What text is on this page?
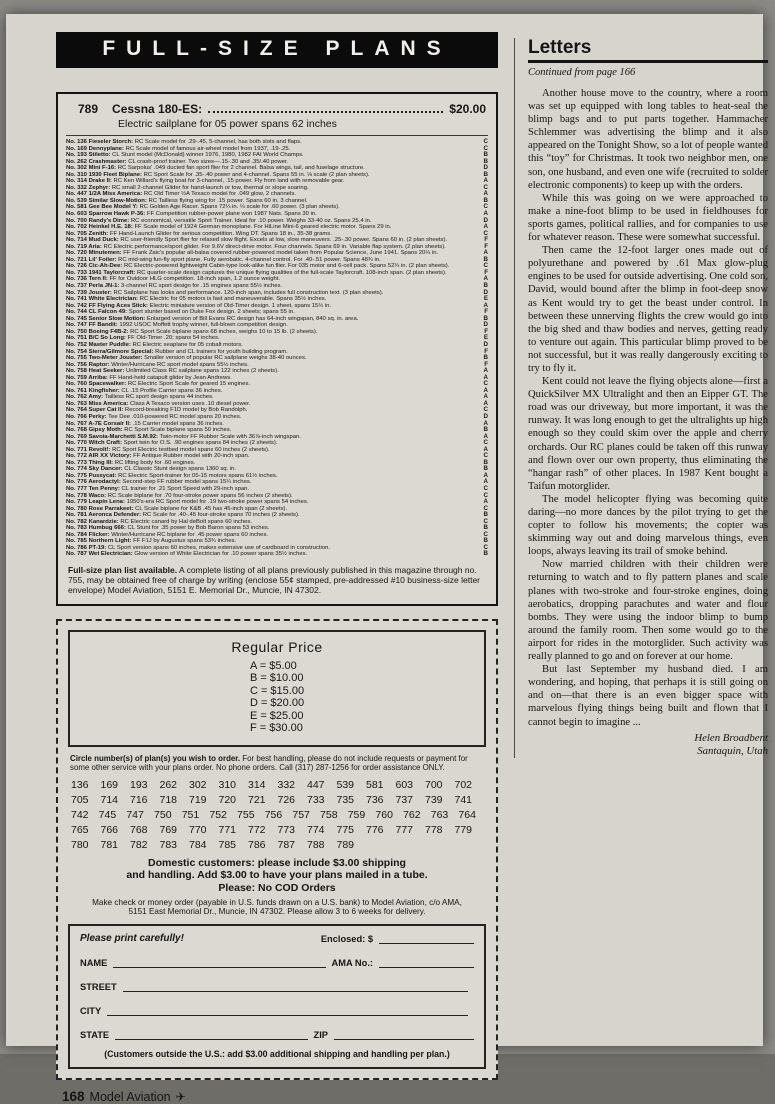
FULL-SIZE PLANS
789 Cessna 180-ES:	$20.00
Electric sailplane for 05 power spans 62 inches
No. 136 Fieseler Storch: RC Scale model for .29-.45, 5-channel, has both slots and flaps.	C
No. 169 Dennyplane: RC Scale model of famous air-wheel model from 1937, .19-.25.	C
No. 193 Stiletto: CL Stunt model (McDonald) winner 1976, 1980, 1982 FAI World Champs.	B
No. 262 Crashmaster: CL crash-proof trainer. Two sizes—.15-.30 and .35/.40 power.	B
No. 302 Mini F-16: RC Sarpolus' .049 ducted fan sport flier for 2 channel. Balsa wings, tail, and fuselage structure.	D
No. 310 1930 Fleet Biplane: RC Sport Scale for .35-.40 power and 4-channel. Spans 55 in. ⅛ scale (2 plan sheets).	B
No. 314 Drake II: RC Ken Willard's flying boat for 3-channel, .15 power. Fly from land with removable gear.	A
No. 332 Zephyr: RC small 2-channel Glider for hand-launch or tow, thermal or slope soaring.	C
No. 447 1/2A Miss America: RC Old Timer ½A Texaco model for .049 glow, 2 channels.	A
No. 539 Similar Slow-Motion: RC Tailless flying wing for .15 power. Spans 60 in. 3 channel.	B
No. 581 Gee Bee Model Y: RC Golden Age Racer. Spans 72¼ in. ¼ scale for .60 power. (3 plan sheets).	C
No. 603 Sparrow Hawk P-36: FF Competition rubber-power plane won 1987 Nats. Spans 30 in.	A
No. 700 Randy's Dime: RC economical, versatile Sport Trainer. Ideal for .10 power. Weighs 33-40 oz. Spans 25.4 in.	D
No. 702 Heinkel H.E. 18: FF Scale model of 1924 German monoplane. For HiLine Mini-6 geared electric motor. Spans 29 in.	A
No. 705 Zenith: FF Hand-Launch Glider for serious competition. Wing DT. Spans 18 in., 35-38 grams.	C
No. 714 Mud Duck: RC user-friendly Sport flier for relaxed slow flight. Excels at low, slow maneuvers. .25-.30 power. Spans 60 in. (2 plan sheets).	F
No. 719 Aria: RC Electric performance/sport glider. For 9.6V direct-drive motor. Four channels. Spans 69 in. Variable flap system. (2 plan sheets).	F
No. 720 Minutemen: FF Frank Zaic's popular all-balsa covered rubber-powered model taken from Popular Science, June 1941. Spans 20¼ in.	A
No. 721 Lil' Foiler: RC mid-wing fun-fly sport plane. Fully aerobatic. 4-channel control. For .40-.51 power. Spans 48¾ in.	B
No. 726 Cic-Ah-Dee: RC Electric-powered lightweight Cabin-type look-alike fun flier. For 035 motor and 6-cell pack. Spans 52¼ in. (2 plan sheets).	C
No. 733 1941 Taylorcraft: RC quarter-scale design captures the unique flying qualities of the full-scale Taylorcraft. 108-inch span. (2 plan sheets).	F
No. 736 Tern II: FF for Outdoor HLG competition. 18-inch span, 1.2 ounce weight.	A
No. 737 Perla JN-1: 3-channel RC sport design for .15 engines spans 55½ inches.	B
No. 739 Jouster: RC Sailplane has looks and performance. 120-inch span, includes full construction text. (3 plan sheets).	D
No. 741 White Electrician: RC Electric for 05 motors is fast and maneuverable. Spans 35½ inches.	E
No. 742 FF Flying Aces Stick: Electric miniature version of Old-Timer design. 1 sheet, spans 15½ in.	A
No. 744 CL Falcon 49: Sport stunter based on Duke Fox design. 2 sheets; spans 55 in.	F
No. 745 Senior Slow Motion: Enlarged version of Bill Evans RC design has 64-inch wingspan, 840 sq. in. area.	B
No. 747 FF Bandit: 1992 USOC Moffett trophy winner, full-blown competition design.	D
No. 750 Boeing F4B-2: RC Sport Scale biplane spans 68 inches, weighs 10 to 15 lb. (2 sheets).	F
No. 751 B/C So Long: FF Old-Timer .20; spans 54 inches.	E
No. 752 Master Puddle: RC Electric seaplane for 05 cobalt motors.	D
No. 754 Sierra/Gilmore Special: Rubber and CL trainers for youth building program.	F
No. 755 Two-Meter Jouster: Smaller version of popular RC sailplane weighs 38-40 ounces.	B
No. 756 Raptor: Winter/Hurricane RC sport model spans 55½ inches.	F
No. 758 Heat Seeker: Unlimited Class RC sailplane spans 122 inches (2 sheets).	A
No. 759 Arriba: FF Hand-held catapult glider by Jean Andrews.	A
No. 760 Spacewalker: RC Electric Sport Scale for geared 15 engines.	C
No. 761 Kingfisher: CL .15 Profile Carrier spans 36 inches.	A
No. 762 Amy: Tailless RC sport design spans 44 inches.	A
No. 763 Miss America: Class A Texaco version uses .10 diesel power.	A
No. 764 Super Cat II: Record-breaking F1D model by Bob Randolph.	C
No. 766 Perky: Tee Dee .010-powered RC model spans 20 inches.	D
No. 767 A-7E Corsair II: .15 Carrier model spans 36 inches.	A
No. 768 Gipsy Moth: RC Sport Scale biplane spans 50 inches.	B
No. 769 Savoia-Marchetti S.M.92: Twin-motor FF Rubber Scale with 36⅞-inch wingspan.	A
No. 770 Witch Craft: Sport twin for O.S. .90 engines spans 84 inches (2 sheets).	C
No. 771 Revolt!: RC Sport Electric testbed model spans 60 inches (2 sheets).	A
No. 772 AIR XX Victory: FF Antique Rubber model with 20-inch span.	C
No. 773 Thing III: RC lifting body for .60 engines.	B
No. 774 Sky Dancer: CL Classic Stunt design spans 1360 sq. in.	B
No. 775 Pussycat: RC Electric Sport-trainer for 05-15 motors spans 61½ inches.	A
No. 776 Aerodactyl: Second-step FF rubber model spans 15¼ inches.	A
No. 777 Ten Penny: CL trainer for .21 Sport Speed with 29-inch span.	C
No. 778 Waco: RC Scale biplane for .70 four-stroke power spans 56 inches (2 sheets).	C
No. 779 Leapin Lena: 1950's-era RC Sport model for .19 two-stroke power spans 54 inches.	A
No. 780 Rose Parrakeet: CL Scale biplane for K&B .45 has 45-inch span (2 sheets).	C
No. 781 Aeronca Defender: RC Scale for .40-.45 four-stroke spans 70 inches (2 sheets).	B
No. 782 Kanardzie: RC Electric canard by Hal deBolt spans 60 inches.	C
No. 783 Humbug 666: CL Stunt for .35 power by Bob Baron spans 53 inches.	B
No. 784 Flicker: Winter/Hurricane RC biplane for .45 power spans 60 inches.	C
No. 785 Northern Light: FF F1J by Augustus spans 53¾ inches.	B
No. 786 PT-19: CL Sport version spans 60 inches, makes extensive use of cardboard in construction.	C
No. 787 Wet Electrician: Glow version of White Electrician for .10 power spans 35½ inches.	B
Full-size plan list available. A complete listing of all plans previously published in this magazine through no. 755, may be obtained free of charge by writing (enclose 55¢ stamped, pre-addressed #10 business-size letter envelope) Model Aviation, 5151 E. Memorial Dr., Muncie, IN 47302.
Regular Price
A = $5.00
B = $10.00
C = $15.00
D = $20.00
E = $25.00
F = $30.00
Circle number(s) of plan(s) you wish to order. For best handling, please do not include requests or payment for some other service with your plans order. No phone orders. Call (317) 287-1256 for order assistance ONLY.
136	169	193	262	302	310	314	332	447	539	581	603	700	702
705	714	716	718	719	720	721	726	733	735	736	737	739	741
742 745 747 750 751 752 755 756 757 758 759 760 762 763 764
765	766	768	769	770	771	772	773	774	775	776	777	778	779
780	781	782	783	784	785	786	787	788	789
Domestic customers: please include $3.00 shipping
and handling. Add $3.00 to have your plans mailed in a tube.
Please: No COD Orders
Make check or money order (payable in U.S. funds drawn on a U.S. bank) to Model Aviation, c/o AMA, 5151 East Memorial Dr., Muncie, IN 47302. Please allow 3 to 6 weeks for delivery.
Please print carefully!	Enclosed: $
NAME	AMA No.:
STREET
CITY
STATE	ZIP
(Customers outside the U.S.: add $3.00 additional shipping and handling per plan.)
168 Model Aviation ✈
Letters
Continued from page 166

Another house move to the country, where a room was set up equipped with long tables to heat-seal the blimp bags and to put parts together. Hammacher Schlemmer was advertising the blimp and it also appeared on the Tonight Show, so a lot of people wanted this “toy” for Christmas. It took two neighbor men, one son, one husband, and even one wife (recruited to solder electronic components) to keep up with the orders.

While this was going on we were approached to make a nine-foot blimp to be used in fieldhouses for sports games, political rallies, and for companies to use for whatever reason. These were somewhat successful.

Then came the 12-foot larger ones made out of polyurethane and powered by .61 Max glow-plug engines to be used for outside advertising. One cold son, David, would bound after the blimp in foot-deep snow as Kent would try to get the beast under control. In between these unnerving flights the crew would go into the big shed and thaw bodies and nerves, getting ready to venture out again. This particular blimp proved to be not successful, but it was really dangerously exciting to try to fly it.

Kent could not leave the flying objects alone—first a QuickSilver MX Ultralight and then an Eipper GT. The road was our driveway, but more important, it was the runway. It was long enough to get the ultralights up high enough so they could skim over the apple and cherry orchards. Our RC planes could be taken off this runway and flown over our own property, thus eliminating the “hangar rash” of other places. In 1987 Kent bought a Taifun motorglider.

The model helicopter flying was becoming quite daring—no more dances by the pilot trying to get the copter to follow his movements; the copter was skimming way out and doing marvelous things, even loops, always leaving its trail of smoke behind.

Now married children with their children were returning to watch and to fly pattern planes and scale planes with two-stroke and four-stroke engines, doing aerobatics, dropping parachutes and water and flour bombs. They were using the indoor blimp to bump around the family room. Then some would go to the airport for rides in the motorglider. Such activity was really planned to go and on forever at our home.

But last September my husband died. I am wondering, and hoping, that perhaps it is still going on and on—that there is an even bigger space with marvelous flying things being built and flown that I cannot begin to imagine ...

Helen Broadbent
Santaquin, Utah
